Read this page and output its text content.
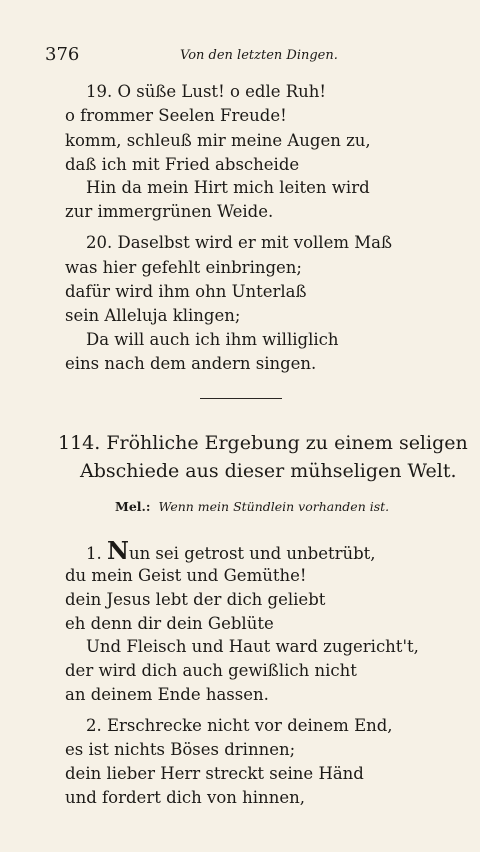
376	Von den letzten Dingen.
19. O süße Lust! o edle Ruh!
o frommer Seelen Freude!
komm, schleuß mir meine Augen zu,
daß ich mit Fried abscheide
Hin da mein Hirt mich leiten wird
zur immergrünen Weide.
20. Daselbst wird er mit vollem Maß
was hier gefehlt einbringen;
dafür wird ihm ohn Unterlaß
sein Alleluja klingen;
Da will auch ich ihm williglich
eins nach dem andern singen.
114. Fröhliche Ergebung zu einem seligen
Abschiede aus dieser mühseligen Welt.
Mel.: Wenn mein Stündlein vorhanden ist.
1. Nun sei getrost und unbetrübt,
du mein Geist und Gemüthe!
dein Jesus lebt der dich geliebt
eh denn dir dein Geblüte
Und Fleisch und Haut ward zugericht't,
der wird dich auch gewißlich nicht
an deinem Ende hassen.
2. Erschrecke nicht vor deinem End,
es ist nichts Böses drinnen;
dein lieber Herr streckt seine Händ
und fordert dich von hinnen,
